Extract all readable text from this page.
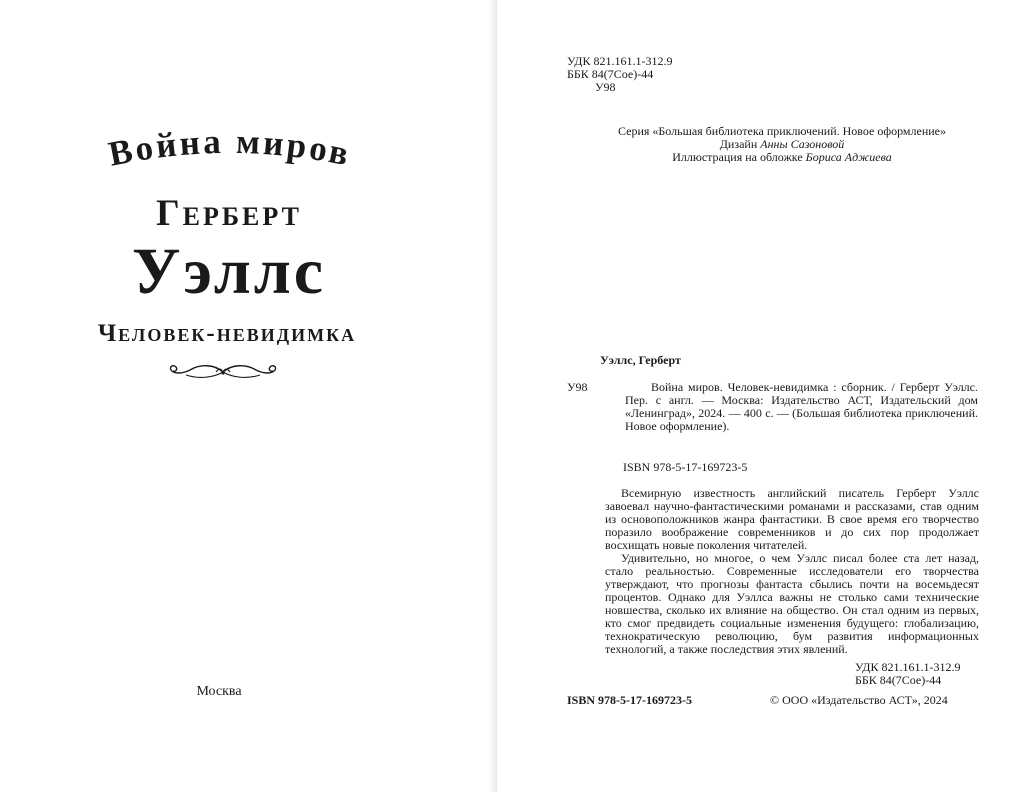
Война миров
Герберт
Уэллс
Человек-невидимка
Москва
УДК 821.161.1-312.9
ББК 84(7Сое)-44
У98
Серия «Большая библиотека приключений. Новое оформление»
Дизайн Анны Сазоновой
Иллюстрация на обложке Бориса Аджиева
Уэллс, Герберт
У98	Война миров. Человек-невидимка : сборник. / Герберт Уэллс. Пер. с англ. — Москва: Издательство АСТ, Издательский дом «Ленинград», 2024. — 400 с. — (Большая библиотека приключений. Новое оформление).

ISBN 978-5-17-169723-5

Всемирную известность английский писатель Герберт Уэллс завоевал научно-фантастическими романами и рассказами, став одним из основоположников жанра фантастики. В свое время его творчество поразило воображение современников и до сих пор продолжает восхищать новые поколения читателей.

Удивительно, но многое, о чем Уэллс писал более ста лет назад, стало реальностью. Современные исследователи его творчества утверждают, что прогнозы фантаста сбылись почти на восемьдесят процентов. Однако для Уэллса важны не столько сами технические новшества, сколько их влияние на общество. Он стал одним из первых, кто смог предвидеть социальные изменения будущего: глобализацию, технократическую революцию, бум развития информационных технологий, а также последствия этих явлений.

УДК 821.161.1-312.9
ББК 84(7Сое)-44
ISBN 978-5-17-169723-5	© ООО «Издательство АСТ», 2024
